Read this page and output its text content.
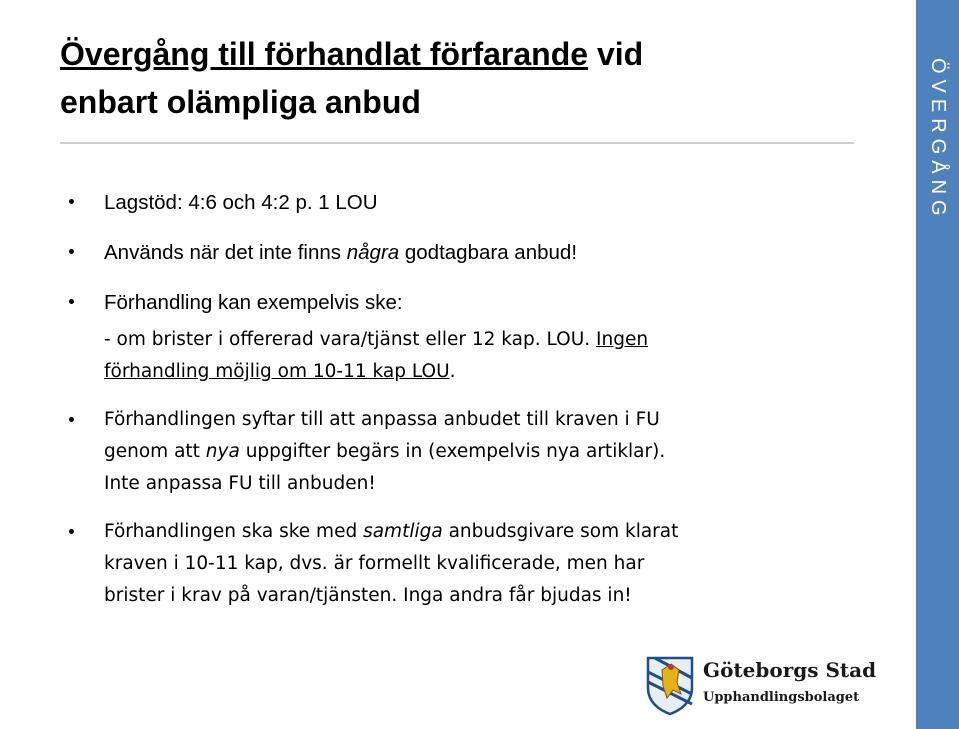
Övergång till förhandlat förfarande vid
enbart olämpliga anbud	ÖVERGÅNG
Lagstöd: 4:6 och 4:2 p. 1 LOU
Används när det inte finns några godtagbara anbud!
Förhandling kan exempelvis ske:
- om brister i offererad vara/tjänst eller 12 kap. LOU. Ingen
förhandling möjlig om 10-11 kap LOU.
Förhandlingen syftar till att anpassa anbudet till kraven i FU
genom att nya uppgifter begärs in (exempelvis nya artiklar).
Inte anpassa FU till anbuden!
Förhandlingen ska ske med samtliga anbudsgivare som klarat
kraven i 10-11 kap, dvs. är formellt kvalificerade, men har
brister i krav på varan/tjänsten. Inga andra får bjudas in!
Göteborgs Stad
Upphandlingsbolaget
